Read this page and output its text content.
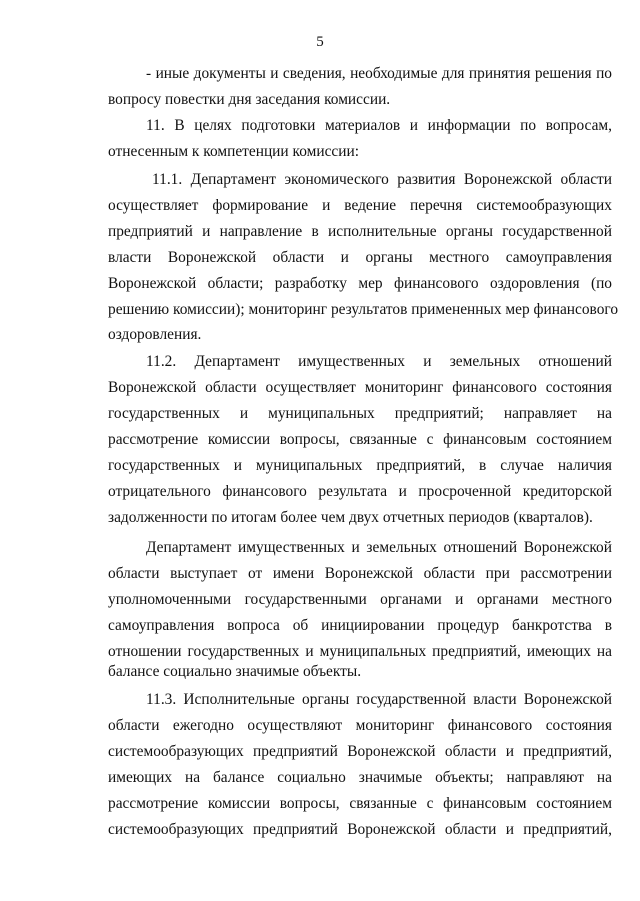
5
- иные документы и сведения, необходимые для принятия решения по
вопросу повестки дня заседания комиссии.
11. В целях подготовки материалов и информации по вопросам,
отнесенным к компетенции комиссии:
11.1. Департамент экономического развития Воронежской области
осуществляет формирование и ведение перечня системообразующих
предприятий и направление в исполнительные органы государственной
власти Воронежской области и органы местного самоуправления
Воронежской области; разработку мер финансового оздоровления (по
решению комиссии); мониторинг результатов примененных мер финансового
оздоровления.
11.2. Департамент имущественных и земельных отношений
Воронежской области осуществляет мониторинг финансового состояния
государственных и муниципальных предприятий; направляет на
рассмотрение комиссии вопросы, связанные с финансовым состоянием
государственных и муниципальных предприятий, в случае наличия
отрицательного финансового результата и просроченной кредиторской
задолженности по итогам более чем двух отчетных периодов (кварталов).
Департамент имущественных и земельных отношений Воронежской
области выступает от имени Воронежской области при рассмотрении
уполномоченными государственными органами и органами местного
самоуправления вопроса об инициировании процедур банкротства в
отношении государственных и муниципальных предприятий, имеющих на
балансе социально значимые объекты.
11.3. Исполнительные органы государственной власти Воронежской
области ежегодно осуществляют мониторинг финансового состояния
системообразующих предприятий Воронежской области и предприятий,
имеющих на балансе социально значимые объекты; направляют на
рассмотрение комиссии вопросы, связанные с финансовым состоянием
системообразующих предприятий Воронежской области и предприятий,
